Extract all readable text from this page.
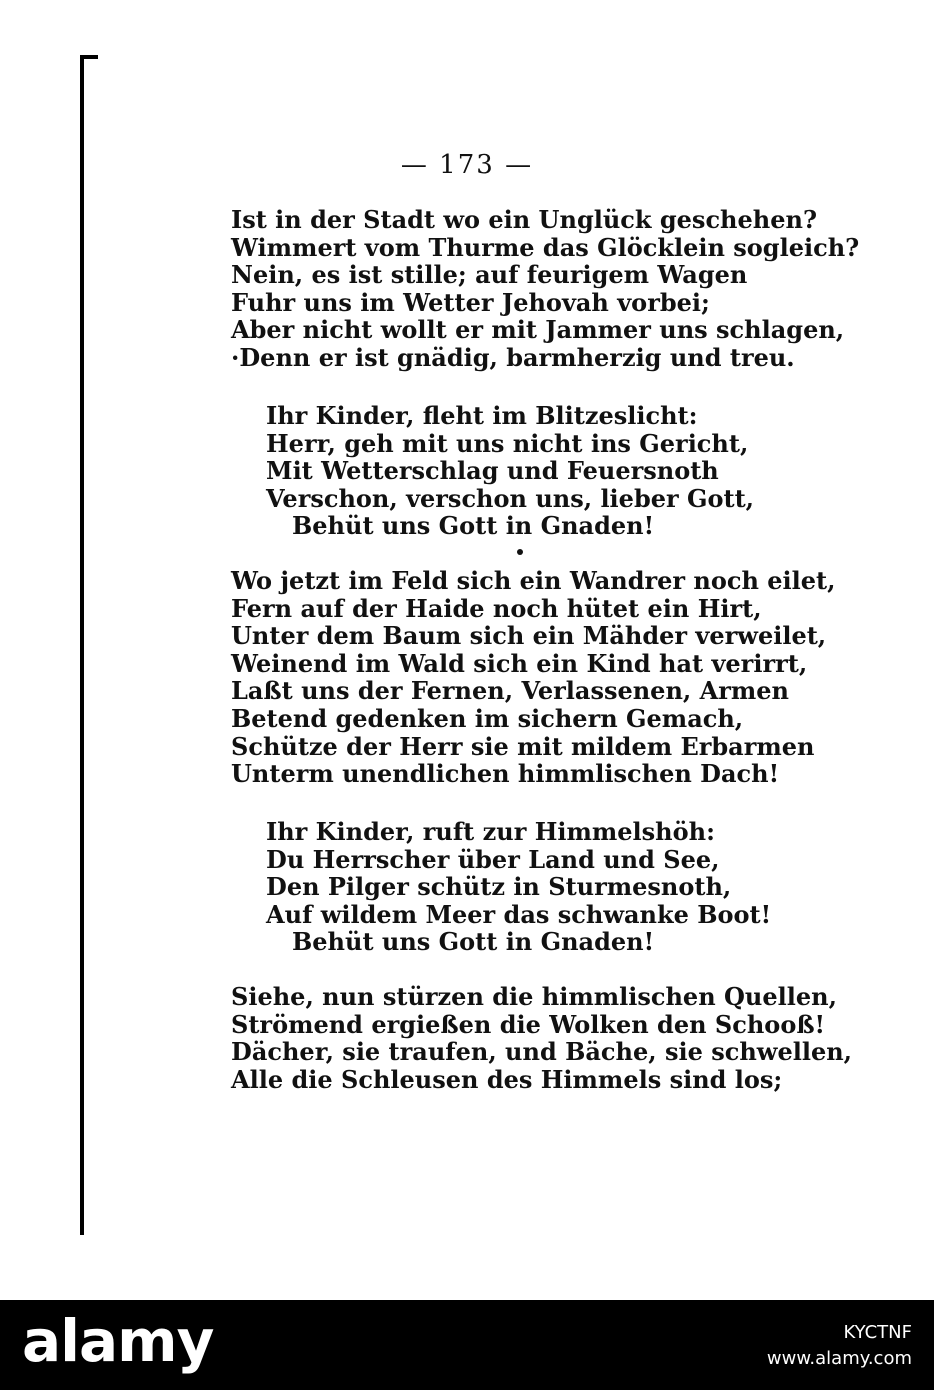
— 173 —
Ist in der Stadt wo ein Unglück geschehen?
Wimmert vom Thurme das Glöcklein sogleich?
Nein, es ist stille; auf feurigem Wagen
Fuhr uns im Wetter Jehovah vorbei;
Aber nicht wollt er mit Jammer uns schlagen,
·Denn er ist gnädig, barmherzig und treu.
Ihr Kinder, fleht im Blitzeslicht:
Herr, geh mit uns nicht ins Gericht,
Mit Wetterschlag und Feuersnoth
Verschon, verschon uns, lieber Gott,
Behüt uns Gott in Gnaden!
Wo jetzt im Feld sich ein Wandrer noch eilet,
Fern auf der Haide noch hütet ein Hirt,
Unter dem Baum sich ein Mähder verweilet,
Weinend im Wald sich ein Kind hat verirrt,
Laßt uns der Fernen, Verlassenen, Armen
Betend gedenken im sichern Gemach,
Schütze der Herr sie mit mildem Erbarmen
Unterm unendlichen himmlischen Dach!
Ihr Kinder, ruft zur Himmelshöh:
Du Herrscher über Land und See,
Den Pilger schütz in Sturmesnoth,
Auf wildem Meer das schwanke Boot!
Behüt uns Gott in Gnaden!
Siehe, nun stürzen die himmlischen Quellen,
Strömend ergießen die Wolken den Schooß!
Dächer, sie traufen, und Bäche, sie schwellen,
Alle die Schleusen des Himmels sind los;
alamy	KYCTNF
www.alamy.com
